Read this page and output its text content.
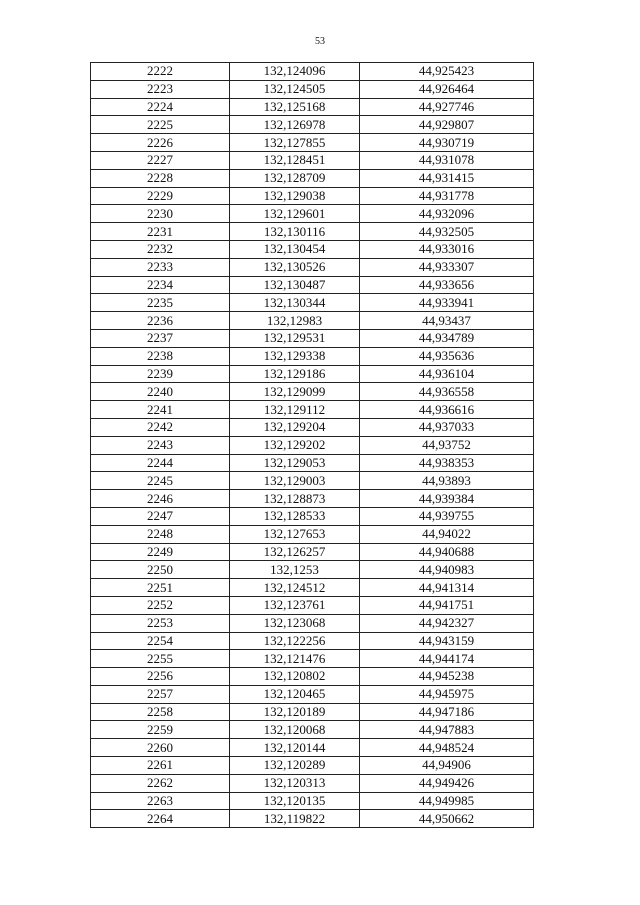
53
2222	132,124096	44,925423
2223	132,124505	44,926464
2224	132,125168	44,927746
2225	132,126978	44,929807
2226	132,127855	44,930719
2227	132,128451	44,931078
2228	132,128709	44,931415
2229	132,129038	44,931778
2230	132,129601	44,932096
2231	132,130116	44,932505
2232	132,130454	44,933016
2233	132,130526	44,933307
2234	132,130487	44,933656
2235	132,130344	44,933941
2236	132,12983	44,93437
2237	132,129531	44,934789
2238	132,129338	44,935636
2239	132,129186	44,936104
2240	132,129099	44,936558
2241	132,129112	44,936616
2242	132,129204	44,937033
2243	132,129202	44,93752
2244	132,129053	44,938353
2245	132,129003	44,93893
2246	132,128873	44,939384
2247	132,128533	44,939755
2248	132,127653	44,94022
2249	132,126257	44,940688
2250	132,1253	44,940983
2251	132,124512	44,941314
2252	132,123761	44,941751
2253	132,123068	44,942327
2254	132,122256	44,943159
2255	132,121476	44,944174
2256	132,120802	44,945238
2257	132,120465	44,945975
2258	132,120189	44,947186
2259	132,120068	44,947883
2260	132,120144	44,948524
2261	132,120289	44,94906
2262	132,120313	44,949426
2263	132,120135	44,949985
2264	132,119822	44,950662
